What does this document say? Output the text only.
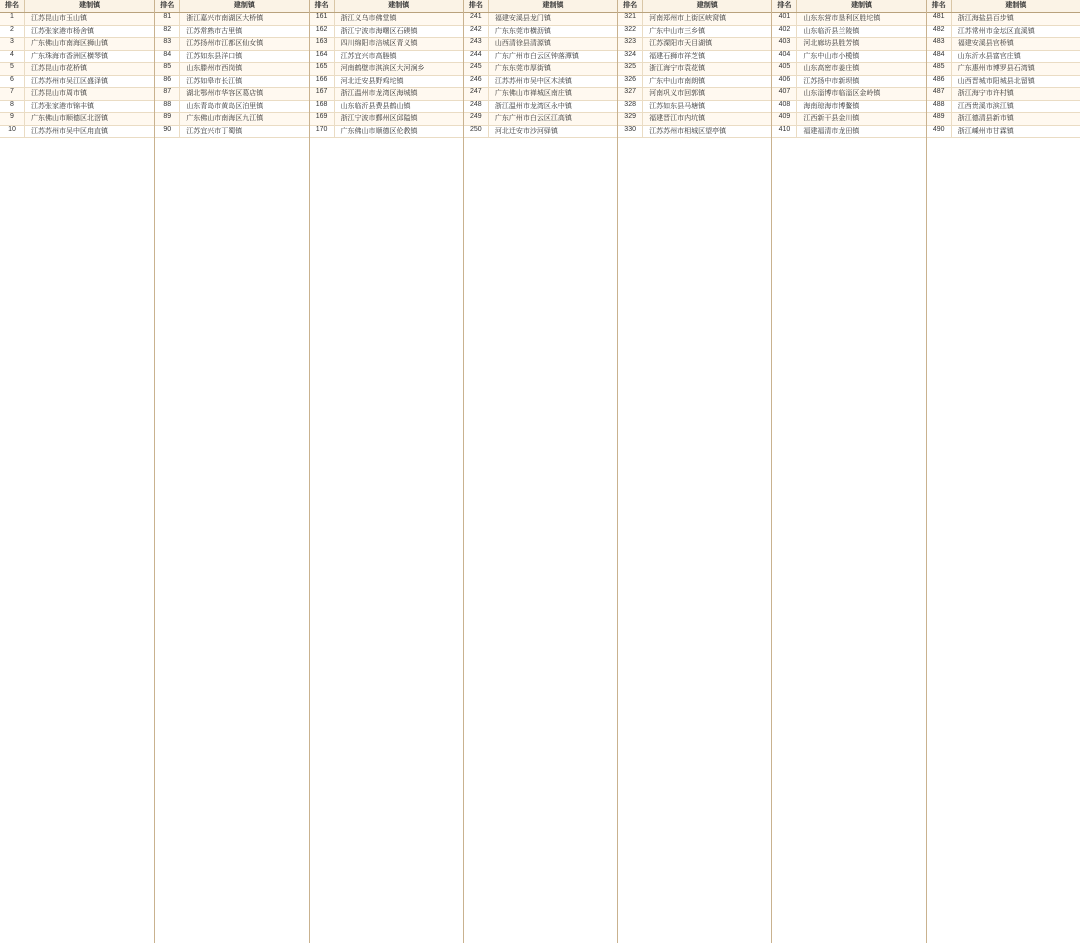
排名	建制镇
1	江苏昆山市玉山镇
2	江苏张家港市杨舍镇
3	广东佛山市南海区狮山镇
4	广东珠海市香洲区横琴镇
5	江苏昆山市花桥镇
6	江苏苏州市吴江区盛泽镇
7	江苏昆山市周市镇
8	江苏张家港市锦丰镇
9	广东佛山市顺德区北滘镇
10	江苏苏州市吴中区甪直镇
排名	建制镇
81	浙江嘉兴市南湖区大桥镇
82	江苏常熟市古里镇
83	江苏扬州市江都区仙女镇
84	江苏如东县洋口镇
85	山东滕州市西岗镇
86	江苏如皋市长江镇
87	湖北鄂州市华容区葛店镇
88	山东青岛市黄岛区泊里镇
89	广东佛山市南海区九江镇
90	江苏宜兴市丁蜀镇
排名	建制镇
161	浙江义乌市佛堂镇
162	浙江宁波市海曙区石碶镇
163	四川绵阳市涪城区青义镇
164	江苏宜兴市高塍镇
165	河南鹤壁市淇滨区大河涧乡
166	河北迁安县野鸡坨镇
167	浙江温州市龙湾区海城镇
168	山东临沂县费县鹤山镇
169	浙江宁波市鄞州区邱隘镇
170	广东佛山市顺德区伦教镇
排名	建制镇
241	福建安溪县龙门镇
242	广东东莞市横沥镇
243	山西清徐县清源镇
244	广东广州市白云区钟落潭镇
245	广东东莞市厚街镇
246	江苏苏州市吴中区木渎镇
247	广东佛山市禅城区南庄镇
248	浙江温州市龙湾区永中镇
249	广东广州市白云区江高镇
250	河北迁安市沙河驿镇
排名	建制镇
321	河南郑州市上街区峡窝镇
322	广东中山市三乡镇
323	江苏溧阳市天目湖镇
324	福建石狮市祥芝镇
325	浙江海宁市袁花镇
326	广东中山市南朗镇
327	河南巩义市回郭镇
328	江苏如东县马塘镇
329	福建晋江市内坑镇
330	江苏苏州市相城区望亭镇
排名	建制镇
401	山东东营市垦利区胜坨镇
402	山东临沂县兰陵镇
403	河北廊坊县胜芳镇
404	广东中山市小榄镇
405	山东高密市姜庄镇
406	江苏扬中市新坝镇
407	山东淄博市临淄区金岭镇
408	海南琼海市博鳌镇
409	江西新干县金川镇
410	福建福清市龙田镇
排名	建制镇
481	浙江海盐县百步镇
482	江苏常州市金坛区直溪镇
483	福建安溪县官桥镇
484	山东沂水县富官庄镇
485	广东惠州市博罗县石湾镇
486	山西晋城市阳城县北留镇
487	浙江海宁市许村镇
488	江西贵溪市滨江镇
489	浙江德清县新市镇
490	浙江嵊州市甘霖镇
